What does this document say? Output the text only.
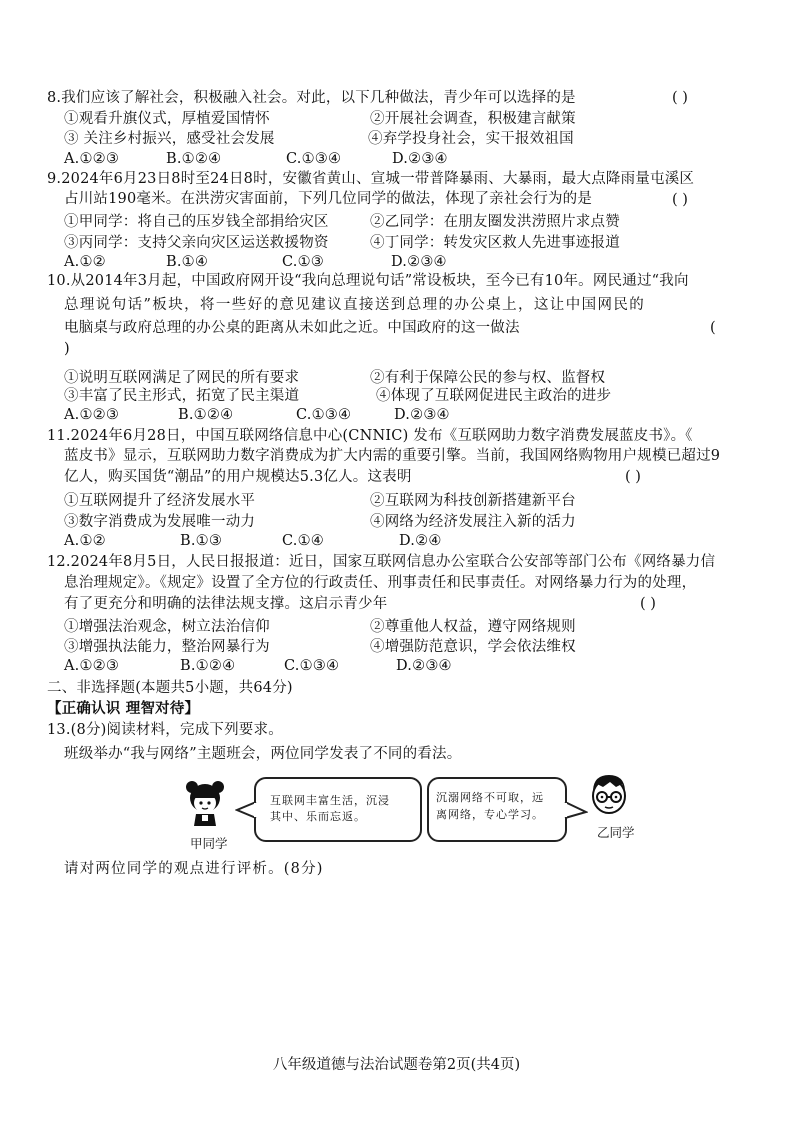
8.我们应该了解社会，积极融入社会。对此，以下几种做法，青少年可以选择的是	( )
①观看升旗仪式，厚植爱国情怀	②开展社会调查，积极建言献策
③ 关注乡村振兴，感受社会发展	④弃学投身社会，实干报效祖国
A.①②③	B.①②④	C.①③④	D.②③④
9.2024年6月23日8时至24日8时，安徽省黄山、宣城一带普降暴雨、大暴雨，最大点降雨量屯溪区
占川站190毫米。在洪涝灾害面前，下列几位同学的做法，体现了亲社会行为的是	( )
①甲同学：将自己的压岁钱全部捐给灾区	②乙同学：在朋友圈发洪涝照片求点赞
③丙同学：支持父亲向灾区运送救援物资	④丁同学：转发灾区救人先进事迹报道
A.①②	B.①④	C.①③	D.②③④
10.从2014年3月起，中国政府网开设“我向总理说句话”常设板块，至今已有10年。网民通过“我向
总理说句话”板块，将一些好的意见建议直接送到总理的办公桌上，这让中国网民的
电脑桌与政府总理的办公桌的距离从未如此之近。中国政府的这一做法	(
)
①说明互联网满足了网民的所有要求	②有利于保障公民的参与权、监督权
③丰富了民主形式，拓宽了民主渠道	④体现了互联网促进民主政治的进步
A.①②③	B.①②④	C.①③④	D.②③④
11.2024年6月28日，中国互联网络信息中心(CNNIC) 发布《互联网助力数字消费发展蓝皮书》。《
蓝皮书》显示，互联网助力数字消费成为扩大内需的重要引擎。当前，我国网络购物用户规模已超过9
亿人，购买国货“潮品”的用户规模达5.3亿人。这表明	( )
①互联网提升了经济发展水平	②互联网为科技创新搭建新平台
③数字消费成为发展唯一动力	④网络为经济发展注入新的活力
A.①②	B.①③	C.①④	D.②④
12.2024年8月5日，人民日报报道：近日，国家互联网信息办公室联合公安部等部门公布《网络暴力信
息治理规定》。《规定》设置了全方位的行政责任、刑事责任和民事责任。对网络暴力行为的处理，
有了更充分和明确的法律法规支撑。这启示青少年	( )
①增强法治观念，树立法治信仰	②尊重他人权益，遵守网络规则
③增强执法能力，整治网暴行为	④增强防范意识，学会依法维权
A.①②③	B.①②④	C.①③④	D.②③④
二、非选择题(本题共5小题，共64分)
【正确认识 理智对待】
13.(8分)阅读材料，完成下列要求。
班级举办“我与网络”主题班会，两位同学发表了不同的看法。
甲同学
互联网丰富生活，沉浸
其中、乐而忘返。
沉溺网络不可取，远
离网络，专心学习。
乙同学
请对两位同学的观点进行评析。(8分)
八年级道德与法治试题卷第2页(共4页)
